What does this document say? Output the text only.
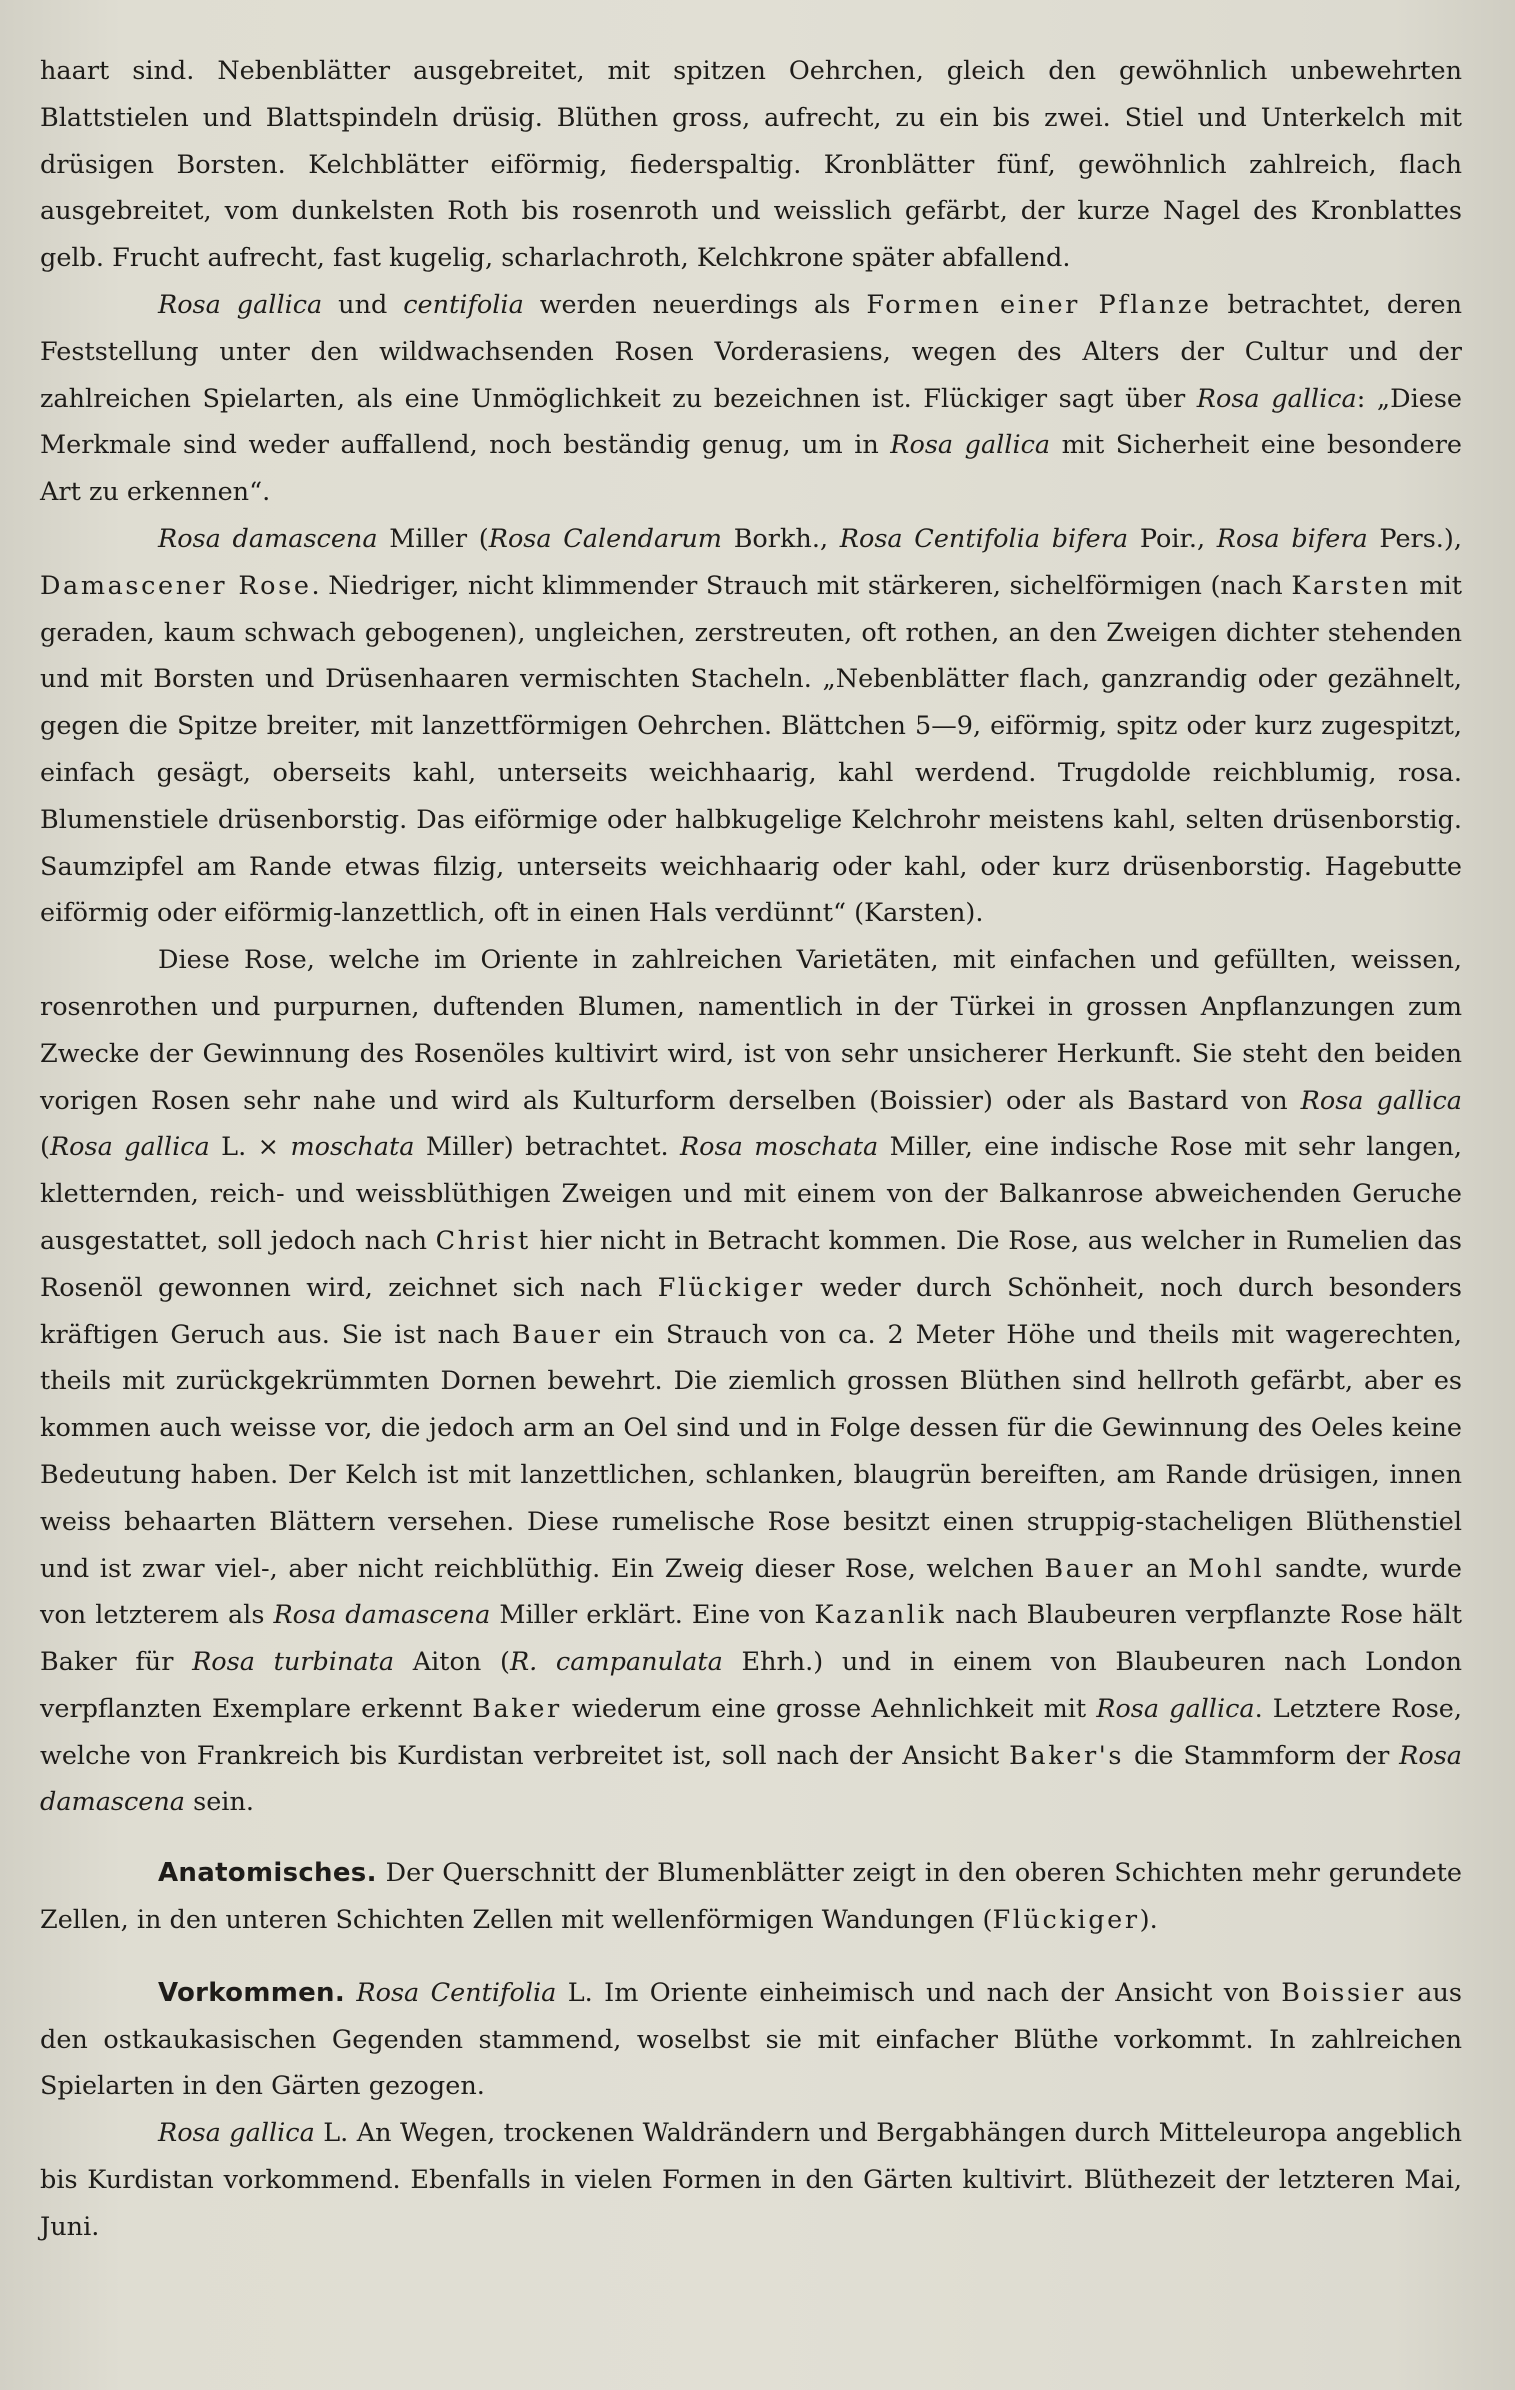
haart sind. Nebenblätter ausgebreitet, mit spitzen Oehrchen, gleich den gewöhnlich unbewehrten Blattstielen und Blattspindeln drüsig. Blüthen gross, aufrecht, zu ein bis zwei. Stiel und Unterkelch mit drüsigen Borsten. Kelchblätter eiförmig, fiederspaltig. Kronblätter fünf, gewöhnlich zahlreich, flach ausgebreitet, vom dunkelsten Roth bis rosenroth und weisslich gefärbt, der kurze Nagel des Kronblattes gelb. Frucht aufrecht, fast kugelig, scharlachroth, Kelchkrone später abfallend.

Rosa gallica und centifolia werden neuerdings als Formen einer Pflanze betrachtet, deren Feststellung unter den wildwachsenden Rosen Vorderasiens, wegen des Alters der Cultur und der zahlreichen Spielarten, als eine Unmöglichkeit zu bezeichnen ist. Flückiger sagt über Rosa gallica: „Diese Merkmale sind weder auffallend, noch beständig genug, um in Rosa gallica mit Sicherheit eine besondere Art zu erkennen“.

Rosa damascena Miller (Rosa Calendarum Borkh., Rosa Centifolia bifera Poir., Rosa bifera Pers.), Damascener Rose. Niedriger, nicht klimmender Strauch mit stärkeren, sichelförmigen (nach Karsten mit geraden, kaum schwach gebogenen), ungleichen, zerstreuten, oft rothen, an den Zweigen dichter stehenden und mit Borsten und Drüsenhaaren vermischten Stacheln. „Nebenblätter flach, ganzrandig oder gezähnelt, gegen die Spitze breiter, mit lanzettförmigen Oehrchen. Blättchen 5—9, eiförmig, spitz oder kurz zugespitzt, einfach gesägt, oberseits kahl, unterseits weichhaarig, kahl werdend. Trugdolde reichblumig, rosa. Blumenstiele drüsenborstig. Das eiförmige oder halbkugelige Kelchrohr meistens kahl, selten drüsenborstig. Saumzipfel am Rande etwas filzig, unterseits weichhaarig oder kahl, oder kurz drüsenborstig. Hagebutte eiförmig oder eiförmig-lanzettlich, oft in einen Hals verdünnt“ (Karsten).

Diese Rose, welche im Oriente in zahlreichen Varietäten, mit einfachen und gefüllten, weissen, rosenrothen und purpurnen, duftenden Blumen, namentlich in der Türkei in grossen Anpflanzungen zum Zwecke der Gewinnung des Rosenöles kultivirt wird, ist von sehr unsicherer Herkunft. Sie steht den beiden vorigen Rosen sehr nahe und wird als Kulturform derselben (Boissier) oder als Bastard von Rosa gallica (Rosa gallica L. ⨯ moschata Miller) betrachtet. Rosa moschata Miller, eine indische Rose mit sehr langen, kletternden, reich- und weissblüthigen Zweigen und mit einem von der Balkanrose abweichenden Geruche ausgestattet, soll jedoch nach Christ hier nicht in Betracht kommen. Die Rose, aus welcher in Rumelien das Rosenöl gewonnen wird, zeichnet sich nach Flückiger weder durch Schönheit, noch durch besonders kräftigen Geruch aus. Sie ist nach Bauer ein Strauch von ca. 2 Meter Höhe und theils mit wagerechten, theils mit zurückgekrümmten Dornen bewehrt. Die ziemlich grossen Blüthen sind hellroth gefärbt, aber es kommen auch weisse vor, die jedoch arm an Oel sind und in Folge dessen für die Gewinnung des Oeles keine Bedeutung haben. Der Kelch ist mit lanzettlichen, schlanken, blaugrün bereiften, am Rande drüsigen, innen weiss behaarten Blättern versehen. Diese rumelische Rose besitzt einen struppig-stacheligen Blüthenstiel und ist zwar viel-, aber nicht reichblüthig. Ein Zweig dieser Rose, welchen Bauer an Mohl sandte, wurde von letzterem als Rosa damascena Miller erklärt. Eine von Kazanlik nach Blaubeuren verpflanzte Rose hält Baker für Rosa turbinata Aiton (R. campanulata Ehrh.) und in einem von Blaubeuren nach London verpflanzten Exemplare erkennt Baker wiederum eine grosse Aehnlichkeit mit Rosa gallica. Letztere Rose, welche von Frankreich bis Kurdistan verbreitet ist, soll nach der Ansicht Baker's die Stammform der Rosa damascena sein.

Anatomisches. Der Querschnitt der Blumenblätter zeigt in den oberen Schichten mehr gerundete Zellen, in den unteren Schichten Zellen mit wellenförmigen Wandungen (Flückiger).

Vorkommen. Rosa Centifolia L. Im Oriente einheimisch und nach der Ansicht von Boissier aus den ostkaukasischen Gegenden stammend, woselbst sie mit einfacher Blüthe vorkommt. In zahlreichen Spielarten in den Gärten gezogen.

Rosa gallica L. An Wegen, trockenen Waldrändern und Bergabhängen durch Mitteleuropa angeblich bis Kurdistan vorkommend. Ebenfalls in vielen Formen in den Gärten kultivirt. Blüthezeit der letzteren Mai, Juni.
